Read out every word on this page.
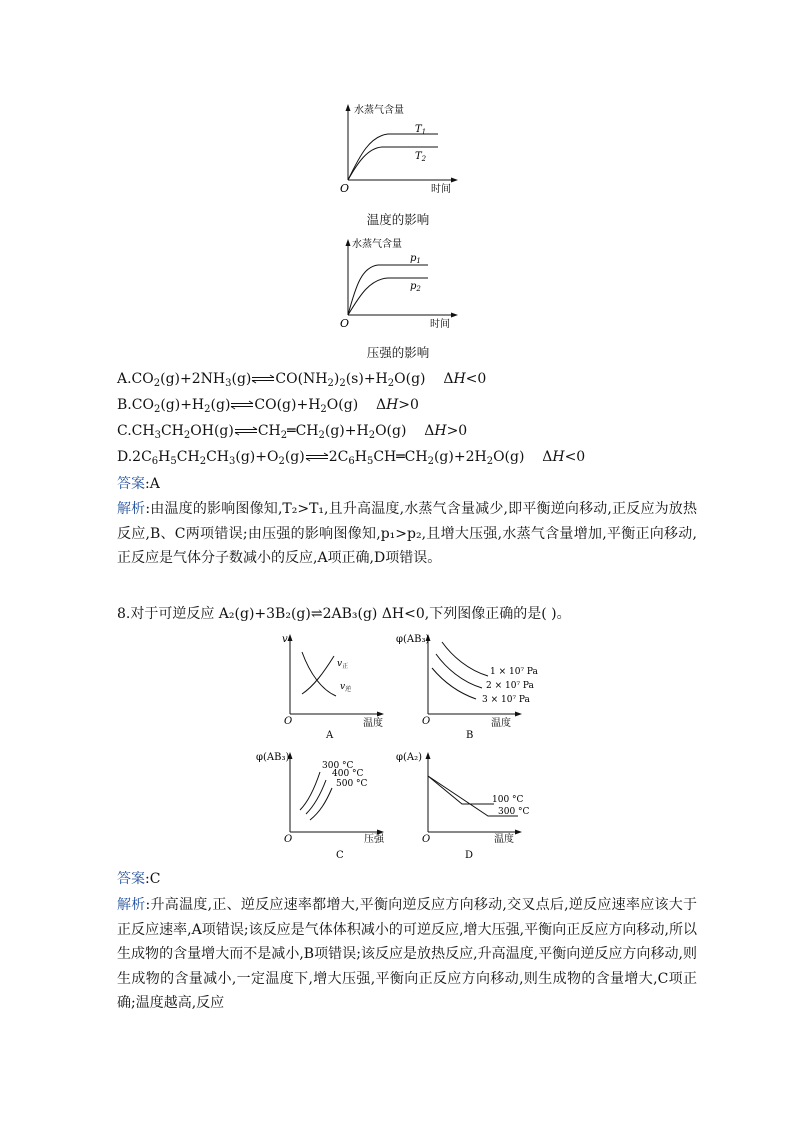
水蒸气含量
时间
O
$T_1$
$T_2$
温度的影响
水蒸气含量
时间
O
$p_1$
$p_2$
压强的影响
$A.CO_2(g)+2NH_3(g)$ $CO(NH_2)_2(s)+H_2O(g)$    ΔH<0
$B.CO_2(g)+H_2(g)$ $CO(g)+H_2O(g)$    ΔH>0
$C.CH_3CH_2OH(g)$ $CH_2═CH_2(g)+H_2O(g)$    ΔH>0
$D.2C_6H_5CH_2CH_3(g)+O_2(g)$ $2C_6H_5CH═CH_2(g)+2H_2O(g)$    ΔH<0
答案:A
解析:由温度的影响图像知,T₂>T₁,且升高温度,水蒸气含量减少,即平衡逆向移动,正反应为放热反应,B、C两项错误;由压强的影响图像知,p₁>p₂,且增大压强,水蒸气含量增加,平衡正向移动,正反应是气体分子数减小的反应,A项正确,D项错误。
8.对于可逆反应 A₂(g)+3B₂(g)⇌2AB₃(g) ΔH<0,下列图像正确的是( )。
v
温度
O
$v_正$
$v_逆$
A
φ(AB₃)
温度
O
1 × 10⁷ Pa
2 × 10⁷ Pa
3 × 10⁷ Pa
B
φ(AB₃)
压强
O
300 °C
400 °C
500 °C
C
φ(A₂)
温度
O
100 °C
300 °C
D
答案:C
解析:升高温度,正、逆反应速率都增大,平衡向逆反应方向移动,交叉点后,逆反应速率应该大于正反应速率,A项错误;该反应是气体体积减小的可逆反应,增大压强,平衡向正反应方向移动,所以生成物的含量增大而不是减小,B项错误;该反应是放热反应,升高温度,平衡向逆反应方向移动,则生成物的含量减小,一定温度下,增大压强,平衡向正反应方向移动,则生成物的含量增大,C项正确;温度越高,反应
